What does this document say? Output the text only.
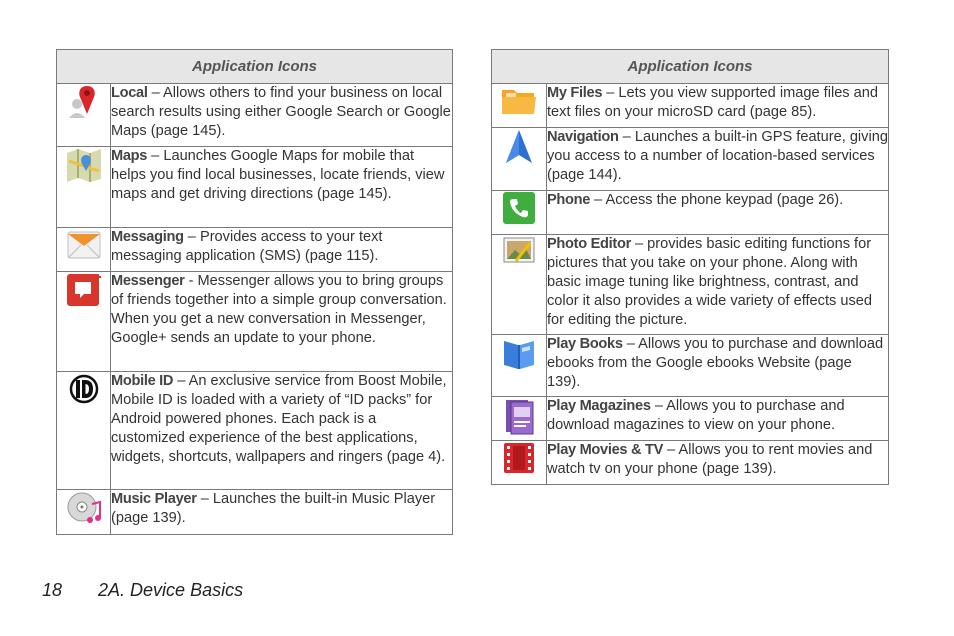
Application Icons	

	Local – Allows others to find your business on local search results using either Google Search or Google Maps (page 145).

	Maps – Launches Google Maps for mobile that helps you find local businesses, locate friends, view maps and get driving directions (page 145).

	Messaging – Provides access to your text messaging application (SMS) (page 115).

	Messenger - Messenger allows you to bring groups of friends together into a simple group conversation. When you get a new conversation in Messenger, Google+ sends an update to your phone.

	Mobile ID – An exclusive service from Boost Mobile, Mobile ID is loaded with a variety of “ID packs” for Android powered phones. Each pack is a customized experience of the best applications, widgets, shortcuts, wallpapers and ringers (page 4).

	Music Player – Launches the built-in Music Player (page 139).
Application Icons	

	My Files – Lets you view supported image files and text files on your microSD card (page 85).

	Navigation – Launches a built-in GPS feature, giving you access to a number of location-based services (page 144).

	Phone – Access the phone keypad (page 26).

	Photo Editor – provides basic editing functions for pictures that you take on your phone. Along with basic image tuning like brightness, contrast, and color it also provides a wide variety of effects used for editing the picture.

	Play Books – Allows you to purchase and download ebooks from the Google ebooks Website (page 139).

	Play Magazines – Allows you to purchase and download magazines to view on your phone.

	Play Movies & TV – Allows you to rent movies and watch tv on your phone (page 139).
18 2A. Device Basics
